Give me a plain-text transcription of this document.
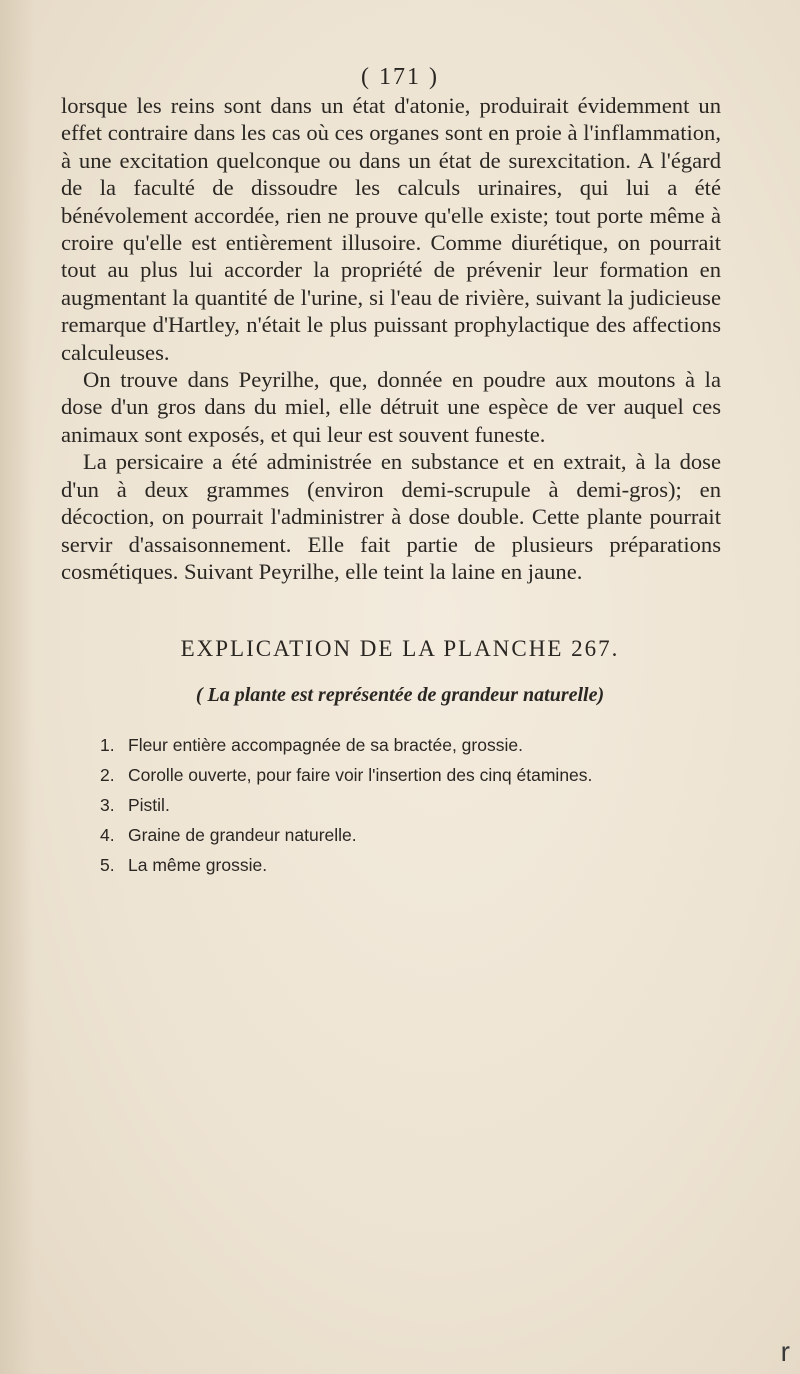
( 171 )

lorsque les reins sont dans un état d'atonie, produirait évidemment un effet contraire dans les cas où ces organes sont en proie à l'inflammation, à une excitation quelconque ou dans un état de surexcitation. A l'égard de la faculté de dissoudre les calculs urinaires, qui lui a été bénévolement accordée, rien ne prouve qu'elle existe; tout porte même à croire qu'elle est entièrement illusoire. Comme diurétique, on pourrait tout au plus lui accorder la propriété de prévenir leur formation en augmentant la quantité de l'urine, si l'eau de rivière, suivant la judicieuse remarque d'Hartley, n'était le plus puissant prophylactique des affections calculeuses.

On trouve dans Peyrilhe, que, donnée en poudre aux moutons à la dose d'un gros dans du miel, elle détruit une espèce de ver auquel ces animaux sont exposés, et qui leur est souvent funeste.

La persicaire a été administrée en substance et en extrait, à la dose d'un à deux grammes (environ demi-scrupule à demi-gros); en décoction, on pourrait l'administrer à dose double. Cette plante pourrait servir d'assaisonnement. Elle fait partie de plusieurs préparations cosmétiques. Suivant Peyrilhe, elle teint la laine en jaune.

EXPLICATION DE LA PLANCHE 267.
( La plante est représentée de grandeur naturelle)
1. Fleur entière accompagnée de sa bractée, grossie.
2. Corolle ouverte, pour faire voir l'insertion des cinq étamines.
3. Pistil.
4. Graine de grandeur naturelle.
5. La même grossie.
r
